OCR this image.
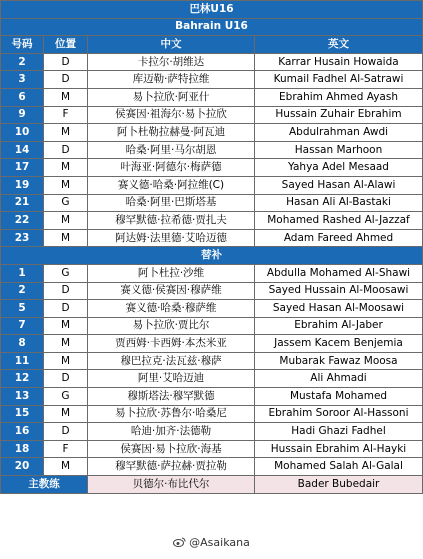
巴林U16			
Bahrain U16			
号码	位置	中文	英文
2	D	卡拉尔·胡维达	Karrar Husain Howaida
3	D	库迈勒·萨特拉维	Kumail Fadhel Al-Satrawi
6	M	易卜拉欣·阿亚什	Ebrahim Ahmed Ayash
9	F	侯赛因·祖海尔·易卜拉欣	Hussain Zuhair Ebrahim
10	M	阿卜杜勒拉赫曼·阿瓦迪	Abdulrahman Awdi
14	D	哈桑·阿里·马尔胡恩	Hassan Marhoon
17	M	叶海亚·阿德尔·梅萨德	Yahya Adel Mesaad
19	M	赛义德·哈桑·阿拉维(C)	Sayed Hasan Al-Alawi
21	G	哈桑·阿里·巴斯塔基	Hasan Ali Al-Bastaki
22	M	穆罕默德·拉希德·贾扎夫	Mohamed Rashed Al-Jazzaf
23	M	阿达姆·法里德·艾哈迈德	Adam Fareed Ahmed
替补			
1	G	阿卜杜拉·沙维	Abdulla Mohamed Al-Shawi
2	D	赛义德·侯赛因·穆萨维	Sayed Hussain Al-Moosawi
5	D	赛义德·哈桑·穆萨维	Sayed Hasan Al-Moosawi
7	M	易卜拉欣·贾比尔	Ebrahim Al-Jaber
8	M	贾西姆·卡西姆·本杰米亚	Jassem Kacem Benjemia
11	M	穆巴拉克·法瓦兹·穆萨	Mubarak Fawaz Moosa
12	D	阿里·艾哈迈迪	Ali Ahmadi
13	G	穆斯塔法·穆罕默德	Mustafa Mohamed
15	M	易卜拉欣·苏鲁尔·哈桑尼	Ebrahim Soroor Al-Hassoni
16	D	哈迪·加齐·法德勒	Hadi Ghazi Fadhel
18	F	侯赛因·易卜拉欣·海基	Hussain Ebrahim Al-Hayki
20	M	穆罕默德·萨拉赫·贾拉勒	Mohamed Salah Al-Galal
主教练		贝德尔·布比代尔	Bader Bubedair
@Asaikana
